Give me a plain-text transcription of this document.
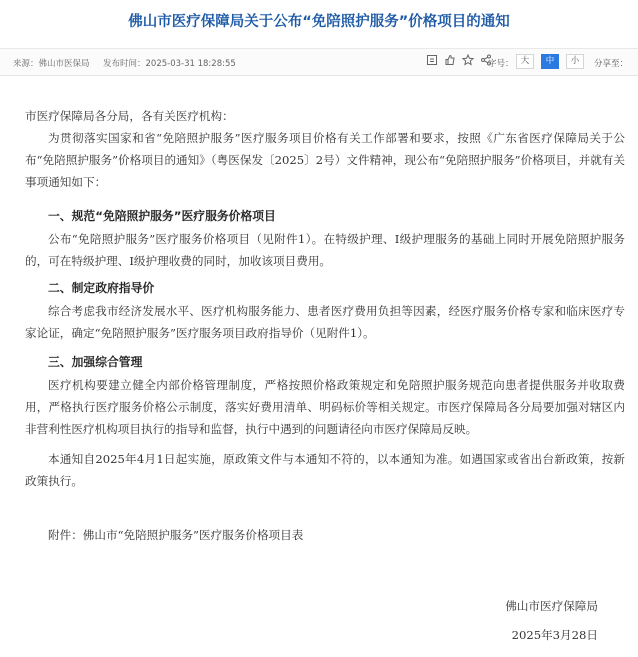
佛山市医疗保障局关于公布“免陪照护服务”价格项目的通知
来源：佛山市医保局 发布时间：2025-03-31 18:28:55	字号： 大	中	小	分享至：

市医疗保障局各分局，各有关医疗机构：

为贯彻落实国家和省“免陪照护服务”医疗服务项目价格有关工作部署和要求，按照《广东省医疗保障局关于公布“免陪照护服务”价格项目的通知》（粤医保发〔2025〕2号）文件精神，现公布“免陪照护服务”价格项目，并就有关事项通知如下：

一、规范“免陪照护服务”医疗服务价格项目

公布“免陪照护服务”医疗服务价格项目（见附件1）。在特级护理、I级护理服务的基础上同时开展免陪照护服务的，可在特级护理、I级护理收费的同时，加收该项目费用。

二、制定政府指导价

综合考虑我市经济发展水平、医疗机构服务能力、患者医疗费用负担等因素，经医疗服务价格专家和临床医疗专家论证，确定“免陪照护服务”医疗服务项目政府指导价（见附件1）。

三、加强综合管理

医疗机构要建立健全内部价格管理制度，严格按照价格政策规定和免陪照护服务规范向患者提供服务并收取费用，严格执行医疗服务价格公示制度，落实好费用清单、明码标价等相关规定。市医疗保障局各分局要加强对辖区内非营利性医疗机构项目执行的指导和监督，执行中遇到的问题请径向市医疗保障局反映。

本通知自2025年4月1日起实施，原政策文件与本通知不符的，以本通知为准。如遇国家或省出台新政策，按新政策执行。

附件：佛山市“免陪照护服务”医疗服务价格项目表

佛山市医疗保障局
2025年3月28日
